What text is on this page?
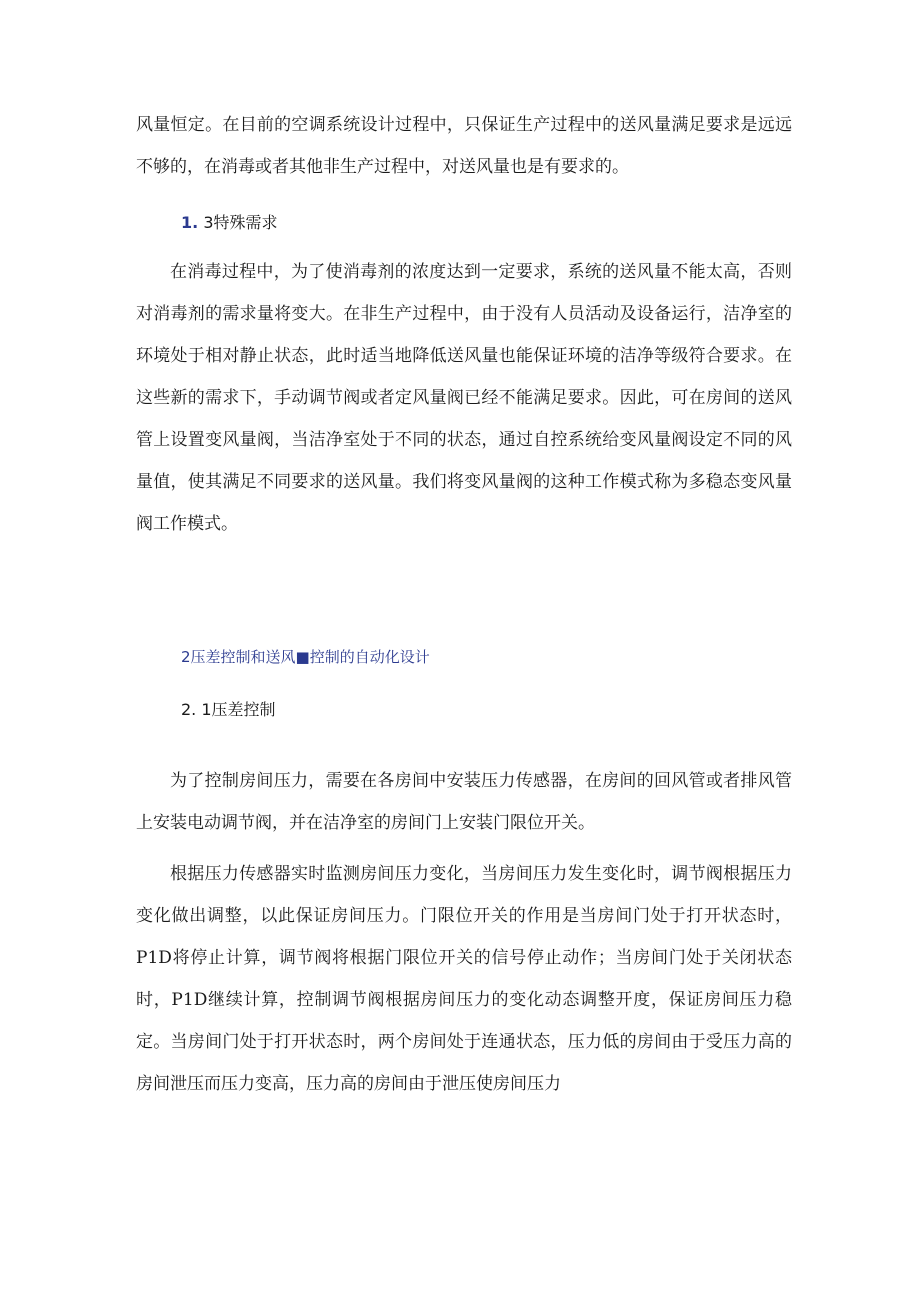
风量恒定。在目前的空调系统设计过程中，只保证生产过程中的送风量满足要求是远远不够的，在消毒或者其他非生产过程中，对送风量也是有要求的。

1. 3特殊需求

在消毒过程中，为了使消毒剂的浓度达到一定要求，系统的送风量不能太高，否则对消毒剂的需求量将变大。在非生产过程中，由于没有人员活动及设备运行，洁净室的环境处于相对静止状态，此时适当地降低送风量也能保证环境的洁净等级符合要求。在这些新的需求下，手动调节阀或者定风量阀已经不能满足要求。因此，可在房间的送风管上设置变风量阀，当洁净室处于不同的状态，通过自控系统给变风量阀设定不同的风量值，使其满足不同要求的送风量。我们将变风量阀的这种工作模式称为多稳态变风量阀工作模式。

2压差控制和送风■控制的自动化设计

2. 1压差控制

为了控制房间压力，需要在各房间中安装压力传感器，在房间的回风管或者排风管上安装电动调节阀，并在洁净室的房间门上安装门限位开关。

根据压力传感器实时监测房间压力变化，当房间压力发生变化时，调节阀根据压力变化做出调整，以此保证房间压力。门限位开关的作用是当房间门处于打开状态时，P1D将停止计算，调节阀将根据门限位开关的信号停止动作；当房间门处于关闭状态时，P1D继续计算，控制调节阀根据房间压力的变化动态调整开度，保证房间压力稳定。当房间门处于打开状态时，两个房间处于连通状态，压力低的房间由于受压力高的房间泄压而压力变高，压力高的房间由于泄压使房间压力
